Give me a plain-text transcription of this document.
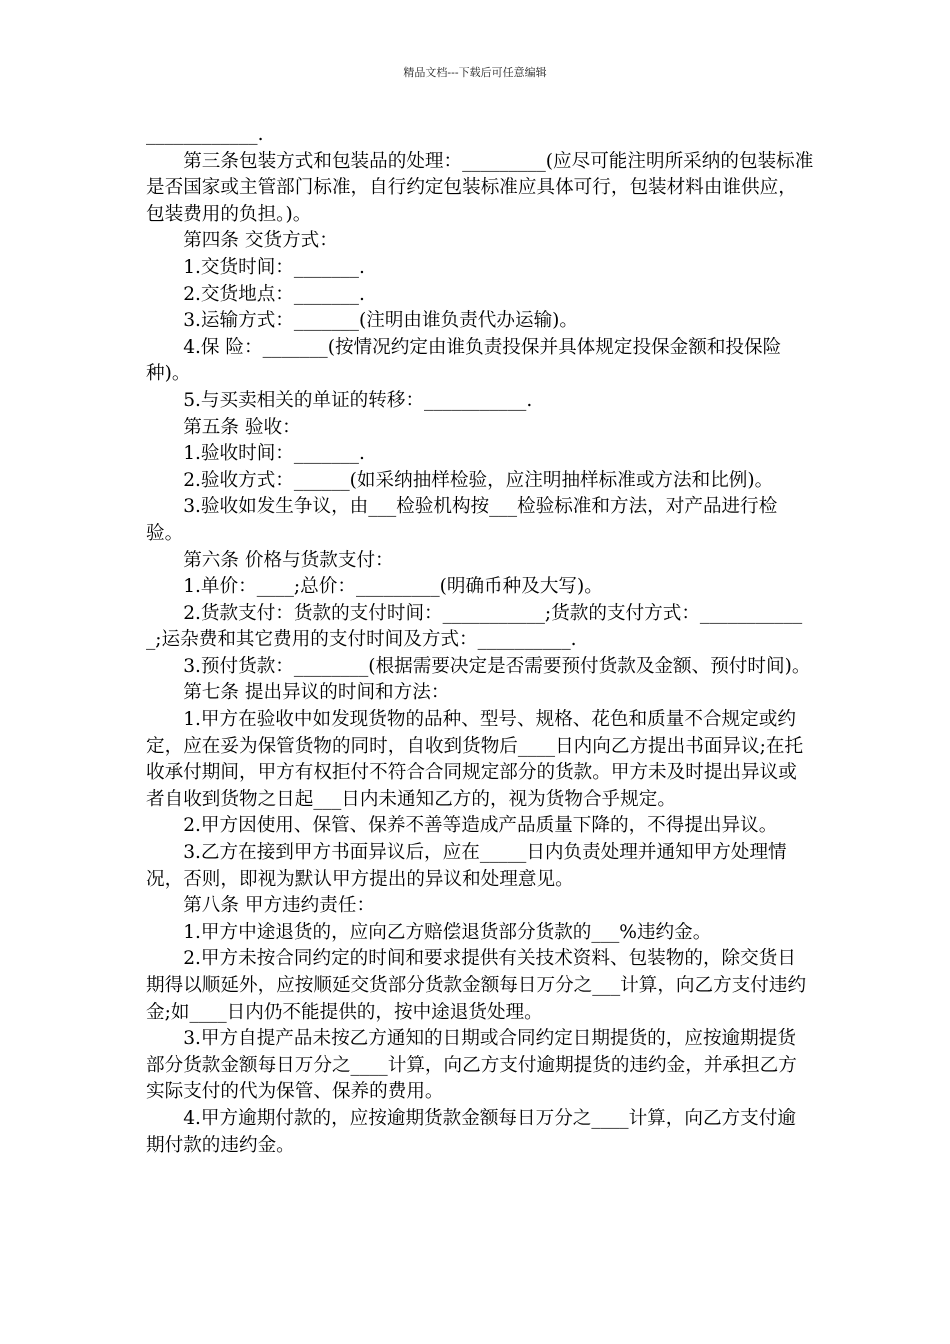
精品文档---下载后可任意编辑

____________.

第三条包装方式和包装品的处理：_________(应尽可能注明所采纳的包装标准是否国家或主管部门标准，自行约定包装标准应具体可行，包装材料由谁供应，包装费用的负担。)。

第四条 交货方式：

1.交货时间：_______.

2.交货地点：_______.

3.运输方式：_______(注明由谁负责代办运输)。

4.保 险：_______(按情况约定由谁负责投保并具体规定投保金额和投保险种)。

5.与买卖相关的单证的转移：___________.

第五条 验收：

1.验收时间：_______.

2.验收方式：______(如采纳抽样检验，应注明抽样标准或方法和比例)。

3.验收如发生争议，由___检验机构按___检验标准和方法，对产品进行检验。

第六条 价格与货款支付：

1.单价：____;总价：_________(明确币种及大写)。

2.货款支付：货款的支付时间：___________;货款的支付方式：____________;运杂费和其它费用的支付时间及方式：__________.

3.预付货款：________(根据需要决定是否需要预付货款及金额、预付时间)。

第七条 提出异议的时间和方法：

1.甲方在验收中如发现货物的品种、型号、规格、花色和质量不合规定或约定，应在妥为保管货物的同时，自收到货物后____日内向乙方提出书面异议;在托收承付期间，甲方有权拒付不符合合同规定部分的货款。甲方未及时提出异议或者自收到货物之日起___日内未通知乙方的，视为货物合乎规定。

2.甲方因使用、保管、保养不善等造成产品质量下降的，不得提出异议。

3.乙方在接到甲方书面异议后，应在_____日内负责处理并通知甲方处理情况，否则，即视为默认甲方提出的异议和处理意见。

第八条 甲方违约责任：

1.甲方中途退货的，应向乙方赔偿退货部分货款的___%违约金。

2.甲方未按合同约定的时间和要求提供有关技术资料、包装物的，除交货日期得以顺延外，应按顺延交货部分货款金额每日万分之___计算，向乙方支付违约金;如____日内仍不能提供的，按中途退货处理。

3.甲方自提产品未按乙方通知的日期或合同约定日期提货的，应按逾期提货部分货款金额每日万分之____计算，向乙方支付逾期提货的违约金，并承担乙方实际支付的代为保管、保养的费用。

4.甲方逾期付款的，应按逾期货款金额每日万分之____计算，向乙方支付逾期付款的违约金。
